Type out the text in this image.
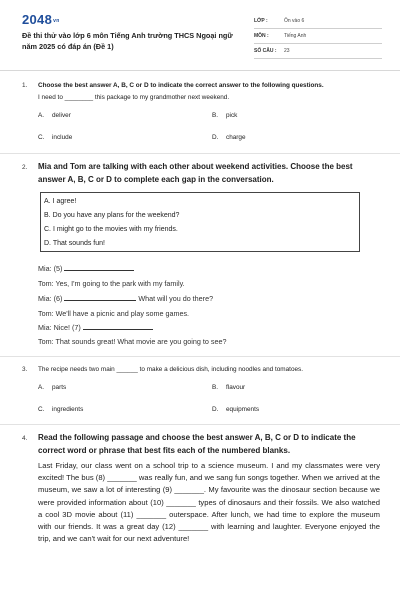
2048vn
Đề thi thử vào lớp 6 môn Tiếng Anh trường THCS Ngoại ngữ năm 2025 có đáp án (Đề 1)
LỚP :	Ôn vào 6
MÔN :	Tiếng Anh
SỐ CÂU : 23
1. Choose the best answer A, B, C or D to indicate the correct answer to the following questions.
I need to ________ this package to my grandmother next weekend.
A. deliver	B. pick
C. include	D. charge
2. Mia and Tom are talking with each other about weekend activities. Choose the best answer A, B, C or D to complete each gap in the conversation.
A. I agree!
B. Do you have any plans for the weekend?
C. I might go to the movies with my friends.
D. That sounds fun!
Mia: (5)
Tom: Yes, I'm going to the park with my family.
Mia: (6)	What will you do there?
Tom: We'll have a picnic and play some games.
Mia: Nice! (7)
Tom: That sounds great! What movie are you going to see?
3. The recipe needs two main ______ to make a delicious dish, including noodles and tomatoes.
A. parts	B. flavour
C. ingredients	D. equipments
4. Read the following passage and choose the best answer A, B, C or D to indicate the correct word or phrase that best fits each of the numbered blanks.
Last Friday, our class went on a school trip to a science museum. I and my classmates were very excited! The bus (8) _______ was really fun, and we sang fun songs together. When we arrived at the museum, we saw a lot of interesting (9) _______. My favourite was the dinosaur section because we were provided information about (10) _______ types of dinosaurs and their fossils. We also watched a cool 3D movie about (11) _______ outerspace. After lunch, we had time to explore the museum with our friends. It was a great day (12) _______ with learning and laughter. Everyone enjoyed the trip, and we can't wait for our next adventure!
